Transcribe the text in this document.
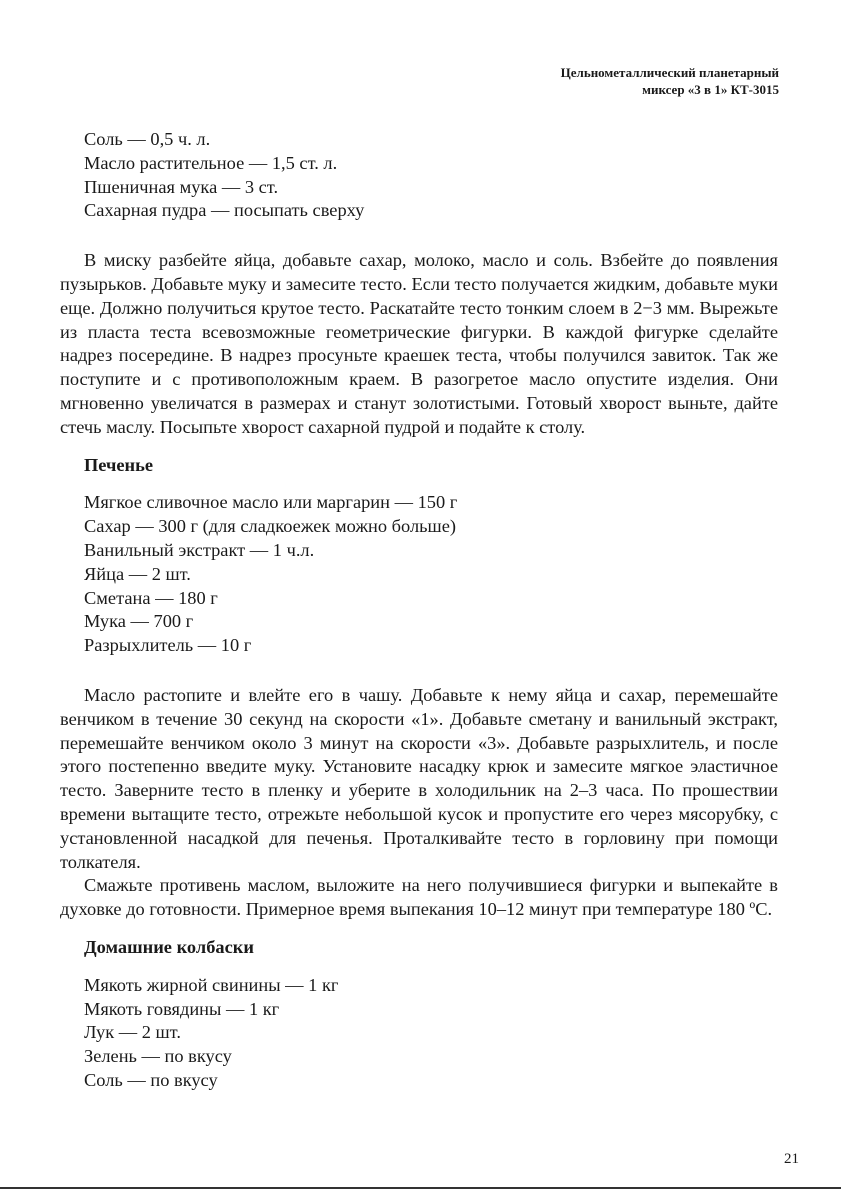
Цельнометаллический планетарный
миксер «3 в 1» КТ-3015
Соль — 0,5 ч. л.
Масло растительное — 1,5 ст. л.
Пшеничная мука — 3 ст.
Сахарная пудра — посыпать сверху

В миску разбейте яйца, добавьте сахар, молоко, масло и соль. Взбейте до появления пузырьков. Добавьте муку и замесите тесто. Если тесто получается жидким, добавьте муки еще. Должно получиться крутое тесто. Раскатайте тесто тонким слоем в 2−3 мм. Вырежьте из пласта теста всевозможные геометрические фигурки. В каждой фигурке сделайте надрез посередине. В надрез просуньте краешек теста, чтобы получился завиток. Так же поступите и с противоположным краем. В разогретое масло опустите изделия. Они мгновенно увеличатся в размерах и станут золотистыми. Готовый хворост выньте, дайте стечь маслу. Посыпьте хворост сахарной пудрой и подайте к столу.

Печенье
Мягкое сливочное масло или маргарин — 150 г
Сахар — 300 г (для сладкоежек можно больше)
Ванильный экстракт — 1 ч.л.
Яйца — 2 шт.
Сметана — 180 г
Мука — 700 г
Разрыхлитель — 10 г

Масло растопите и влейте его в чашу. Добавьте к нему яйца и сахар, перемешайте венчиком в течение 30 секунд на скорости «1». Добавьте сметану и ванильный экстракт, перемешайте венчиком около 3 минут на скорости «3». Добавьте разрыхлитель, и после этого постепенно введите муку. Установите насадку крюк и замесите мягкое эластичное тесто. Заверните тесто в пленку и уберите в холодильник на 2–3 часа. По прошествии времени вытащите тесто, отрежьте небольшой кусок и пропустите его через мясорубку, с установленной насадкой для печенья. Проталкивайте тесто в горловину при помощи толкателя.

Смажьте противень маслом, выложите на него получившиеся фигурки и выпекайте в духовке до готовности. Примерное время выпекания 10–12 минут при температуре 180 ºС.

Домашние колбаски
Мякоть жирной свинины — 1 кг
Мякоть говядины — 1 кг
Лук — 2 шт.
Зелень — по вкусу
Соль — по вкусу
21
